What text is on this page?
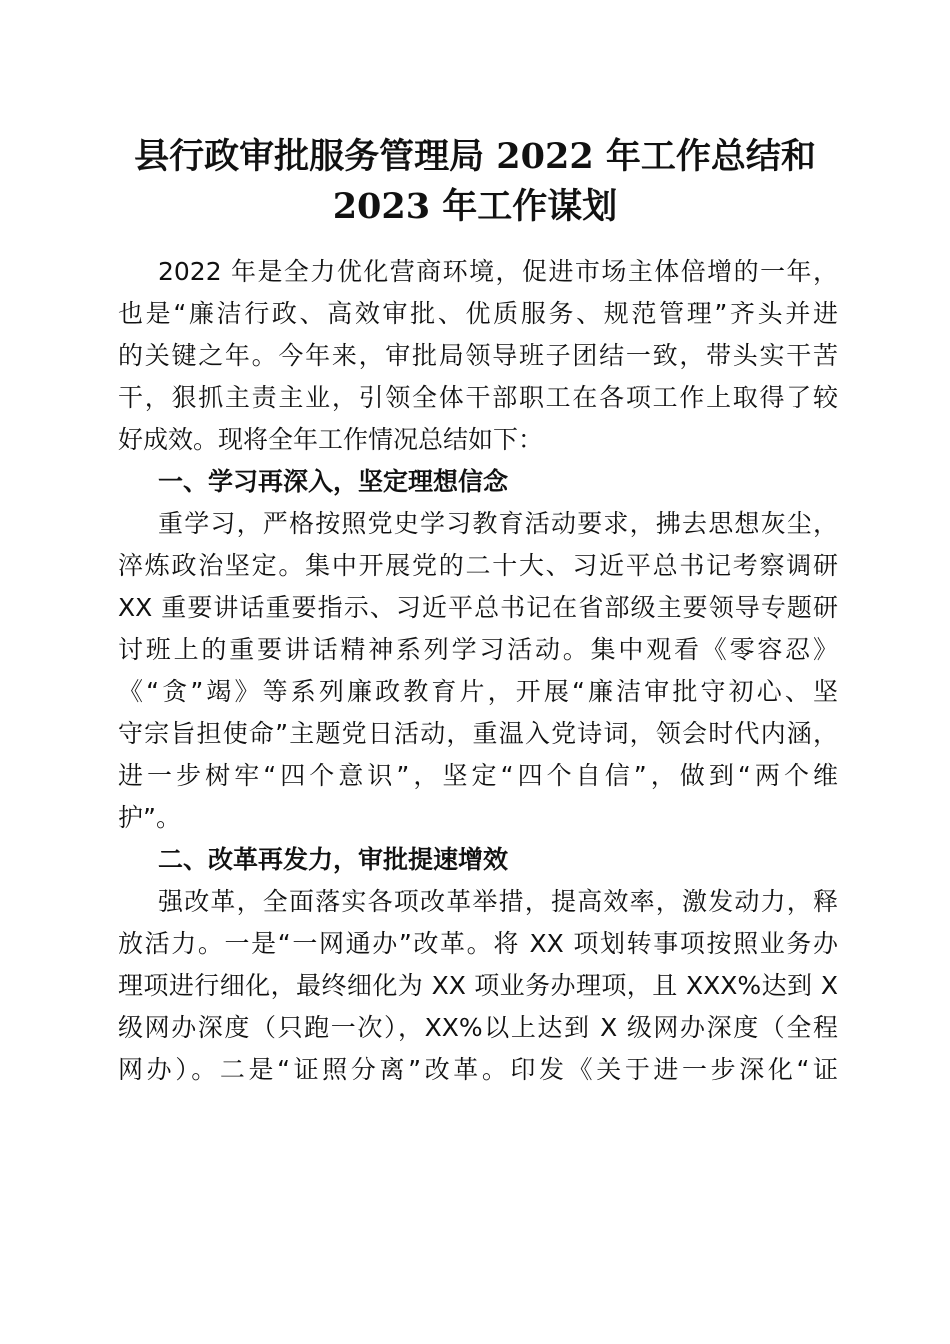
县行政审批服务管理局 2022 年工作总结和
2023 年工作谋划
2022 年是全力优化营商环境，促进市场主体倍增的一年，
也是“廉洁行政、高效审批、优质服务、规范管理”齐头并进
的关键之年。今年来，审批局领导班子团结一致，带头实干苦
干，狠抓主责主业，引领全体干部职工在各项工作上取得了较
好成效。现将全年工作情况总结如下：
一、学习再深入，坚定理想信念
重学习，严格按照党史学习教育活动要求，拂去思想灰尘，
淬炼政治坚定。集中开展党的二十大、习近平总书记考察调研
XX 重要讲话重要指示、习近平总书记在省部级主要领导专题研
讨班上的重要讲话精神系列学习活动。集中观看《零容忍》
《“贪”竭》等系列廉政教育片，开展“廉洁审批守初心、坚
守宗旨担使命”主题党日活动，重温入党诗词，领会时代内涵，
进一步树牢“四个意识”，坚定“四个自信”，做到“两个维
护”。
二、改革再发力，审批提速增效
强改革，全面落实各项改革举措，提高效率，激发动力，释
放活力。一是“一网通办”改革。将 XX 项划转事项按照业务办
理项进行细化，最终细化为 XX 项业务办理项，且 XXX%达到 X
级网办深度（只跑一次），XX%以上达到 X 级网办深度（全程
网办）。二是“证照分离”改革。印发《关于进一步深化“证
